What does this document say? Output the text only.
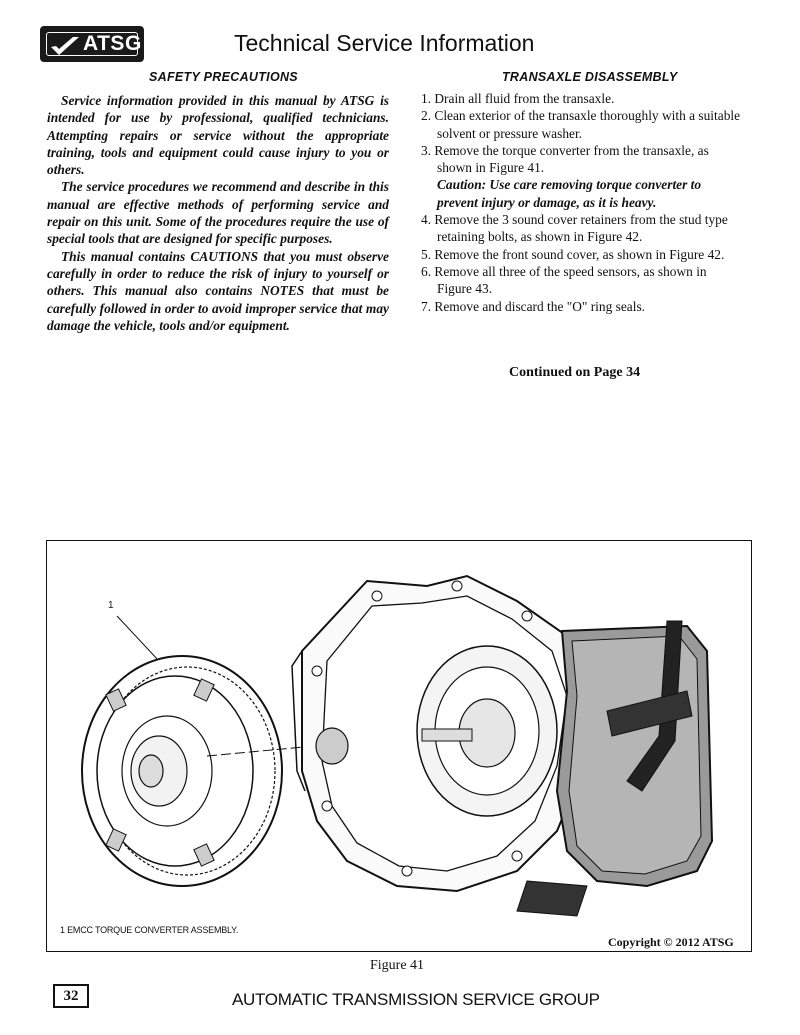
ATSG	Technical Service Information
SAFETY PRECAUTIONS	TRANSAXLE DISASSEMBLY

Service information provided in this manual by ATSG is intended for use by professional, qualified technicians. Attempting repairs or service without the appropriate training, tools and equipment could cause injury to you or others.

The service procedures we recommend and describe in this manual are effective methods of performing service and repair on this unit. Some of the procedures require the use of special tools that are designed for specific purposes.

This manual contains CAUTIONS that you must observe carefully in order to reduce the risk of injury to yourself or others. This manual also contains NOTES that must be carefully followed in order to avoid improper service that may damage the vehicle, tools and/or equipment.

1. Drain all fluid from the transaxle.

2. Clean exterior of the transaxle thoroughly with a suitable solvent or pressure washer.

3. Remove the torque converter from the transaxle, as shown in Figure 41.

Caution: Use care removing torque converter to prevent injury or damage, as it is heavy.

4. Remove the 3 sound cover retainers from the stud type retaining bolts, as shown in Figure 42.

5. Remove the front sound cover, as shown in Figure 42.

6. Remove all three of the speed sensors, as shown in Figure 43.

7. Remove and discard the "O" ring seals.

Continued on Page 34
1
1 EMCC TORQUE CONVERTER ASSEMBLY.
Copyright © 2012 ATSG
Figure 41
32	AUTOMATIC TRANSMISSION SERVICE GROUP
